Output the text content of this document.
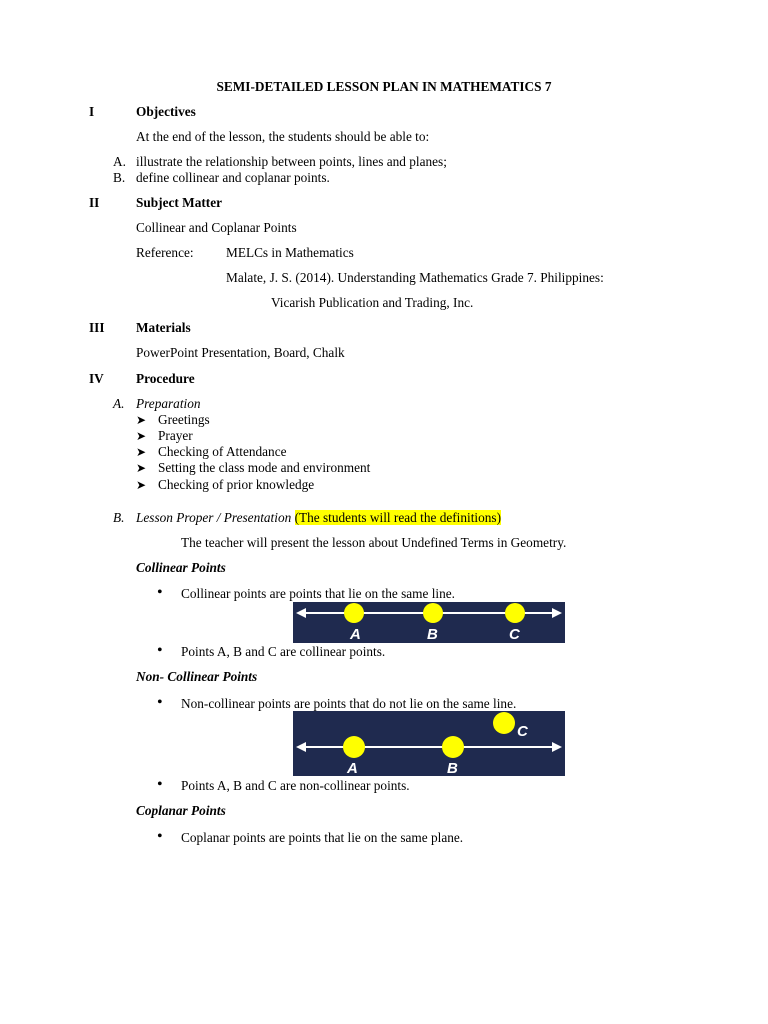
SEMI-DETAILED LESSON PLAN IN MATHEMATICS 7
I	Objectives
At the end of the lesson, the students should be able to:
A. illustrate the relationship between points, lines and planes;
B. define collinear and coplanar points.
II	Subject Matter
Collinear and Coplanar Points
Reference: MELCs in Mathematics
Malate, J. S. (2014). Understanding Mathematics Grade 7. Philippines:
Vicarish Publication and Trading, Inc.
III Materials
PowerPoint Presentation, Board, Chalk
IV Procedure
A. Preparation
➤ Greetings
➤ Prayer
➤ Checking of Attendance
➤ Setting the class mode and environment
➤ Checking of prior knowledge
B. Lesson Proper / Presentation (The students will read the definitions)
The teacher will present the lesson about Undefined Terms in Geometry.
Collinear Points
• Collinear points are points that lie on the same line.
A	B	C
• Points A, B and C are collinear points.
Non- Collinear Points
• Non-collinear points are points that do not lie on the same line.
A	B
C
• Points A, B and C are non-collinear points.
Coplanar Points
• Coplanar points are points that lie on the same plane.
